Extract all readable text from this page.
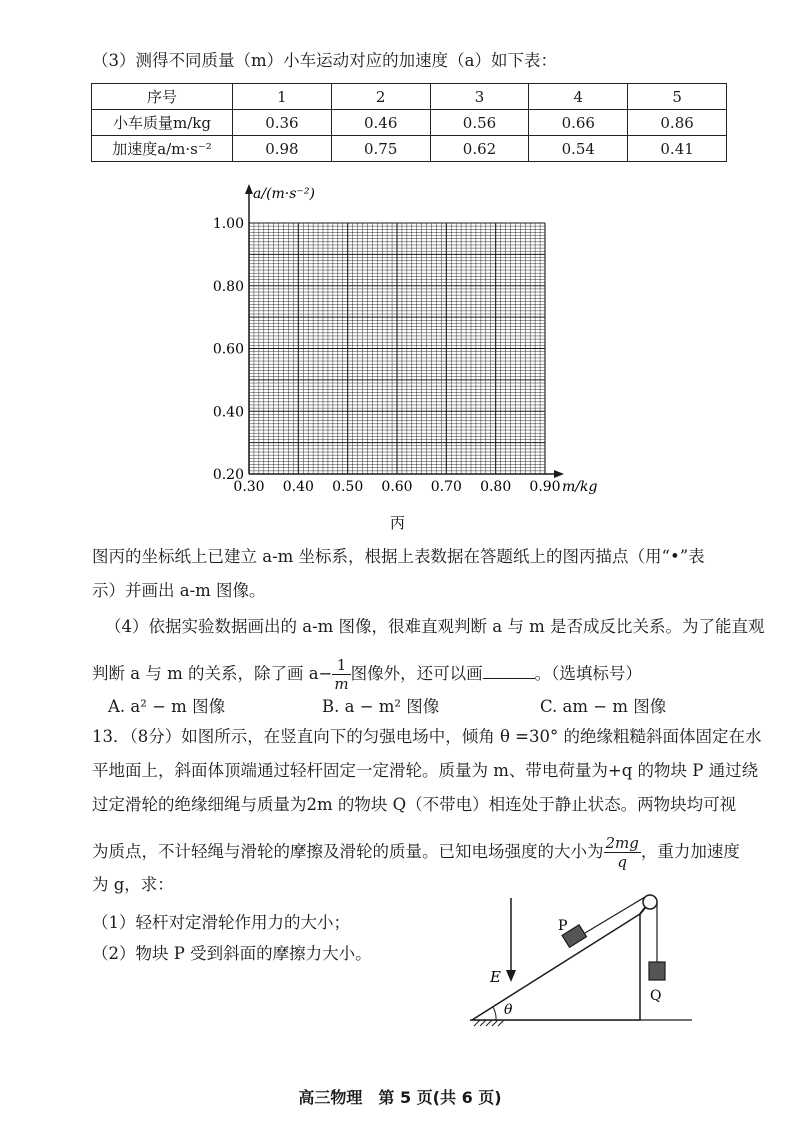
（3）测得不同质量（m）小车运动对应的加速度（a）如下表：
序号	1	2	3	4	5
小车质量m/kg	0.36	0.46	0.56	0.66	0.86
加速度a/m·s⁻²	0.98	0.75	0.62	0.54	0.41
0.30 0.40 0.50 0.60 0.70 0.80 0.90
0.20
0.40
0.60
0.80
1.00
a/(m·s⁻²)
m/kg
丙
图丙的坐标纸上已建立 a-m 坐标系，根据上表数据在答题纸上的图丙描点（用“•”表
示）并画出 a-m 图像。
（4）依据实验数据画出的 a-m 图像，很难直观判断 a 与 m 是否成反比关系。为了能直观
判断 a 与 m 的关系，除了画 $a- \frac{1}{m}$ 图像外，还可以画	。（选填标号）
A. a² − m 图像	B. a − m² 图像	C. am − m 图像
13．（8分）如图所示，在竖直向下的匀强电场中，倾角 θ =30° 的绝缘粗糙斜面体固定在水
平地面上，斜面体顶端通过轻杆固定一定滑轮。质量为 m、带电荷量为+q 的物块 P 通过绕
过定滑轮的绝缘细绳与质量为2m 的物块 Q（不带电）相连处于静止状态。两物块均可视
为质点，不计轻绳与滑轮的摩擦及滑轮的质量。已知电场强度的大小为 $\frac{2mg}{q}$ ，重力加速度
为 g，求：
（1）轻杆对定滑轮作用力的大小；
（2）物块 P 受到斜面的摩擦力大小。
E
θ
P
Q
高三物理　第 5 页(共 6 页)
